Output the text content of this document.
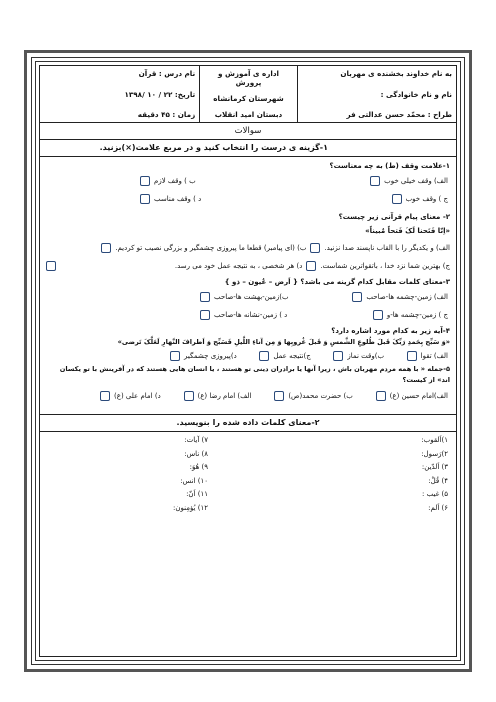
به نام خداوند بخشنده ی مهربان
نام و نام خانوادگی :
طراح : محمّد حسن عدالتی فر
اداره ی آموزش و پرورش
شهرستان کرمانشاه
دبستان امید انقلاب
نام درس : قرآن
تاریخ: ۲۲ / ۱۰ /۱۳۹۸
زمان : ۴۵ دقیقه
سوالات
۱-گزینه ی درست را انتخاب کنید و در مربع علامت(×)بزنید.
۱-علامت وقف (ط) به چه معناست؟
الف) وقف خیلی خوب
ب ) وقف لازم
ج ) وقف خوب
د ) وقف مناسب
۲- معنای پیام قرآنی زیر چیست؟
«اِنّا فَتَحنا لَکَ فَتحاً مُبیناً»
الف) و یکدیگر را با القاب ناپسند صدا نزنید.
ب) (ای پیامبر) قطعا ما پیروزی چشمگیر و بزرگی نصیب تو کردیم.
ج) بهترین شما نزد خدا ، باتقواترین شماست.
د) هر شخصی ، به نتیجه عمل خود می رسد.
۳-معنای کلمات مقابل کدام گزینه می باشد؟ { اَرض – عُیون – ذو }
الف) زمین-چشمه ها-صاحب
ب)زمین-بهشت ها-صاحب
ج ) زمین-چشمه ها-و
د ) زمین-نشانه ها-صاحب
۴-آیه زیر به کدام مورد اشاره دارد؟
«وَ سَبِّح بِحَمدِ رَبِّکَ قَبلَ طُلوعِ الشَّمسِ وَ قَبلَ غُروبِها وَ مِن آناءِ اللَّیلِ فَسَبِّح وَ اَطرافَ النَّهارِ لَعَلَّکَ تَرضی»
الف) تقوا
ب)وقت نماز
ج)نتیجه عمل
د)پیروزی چشمگیر
۵-جمله « با همه مردم مهربان باش ، زیرا آنها یا برادران دینی تو هستند ، یا انسان هایی هستند که در آفرینش با تو یکسان اند» از کیست؟
الف)امام حسین (ع)
ب) حضرت محمد(ص)
الف) امام رضا (ع)
د) امام علی (ع)
۲-معنای کلمات داده شده را بنویسید.
۱)اَلقوب:
۲)رَسول:
۳) اَلدّین:
۴) قُلْ:
۵) غیب :
۶) اَلم:
۷) آیات:
۸) ناس:
۹) هُوَ:
۱۰) انس:
۱۱) اَنّ:
۱۲) یُؤمِنون:
